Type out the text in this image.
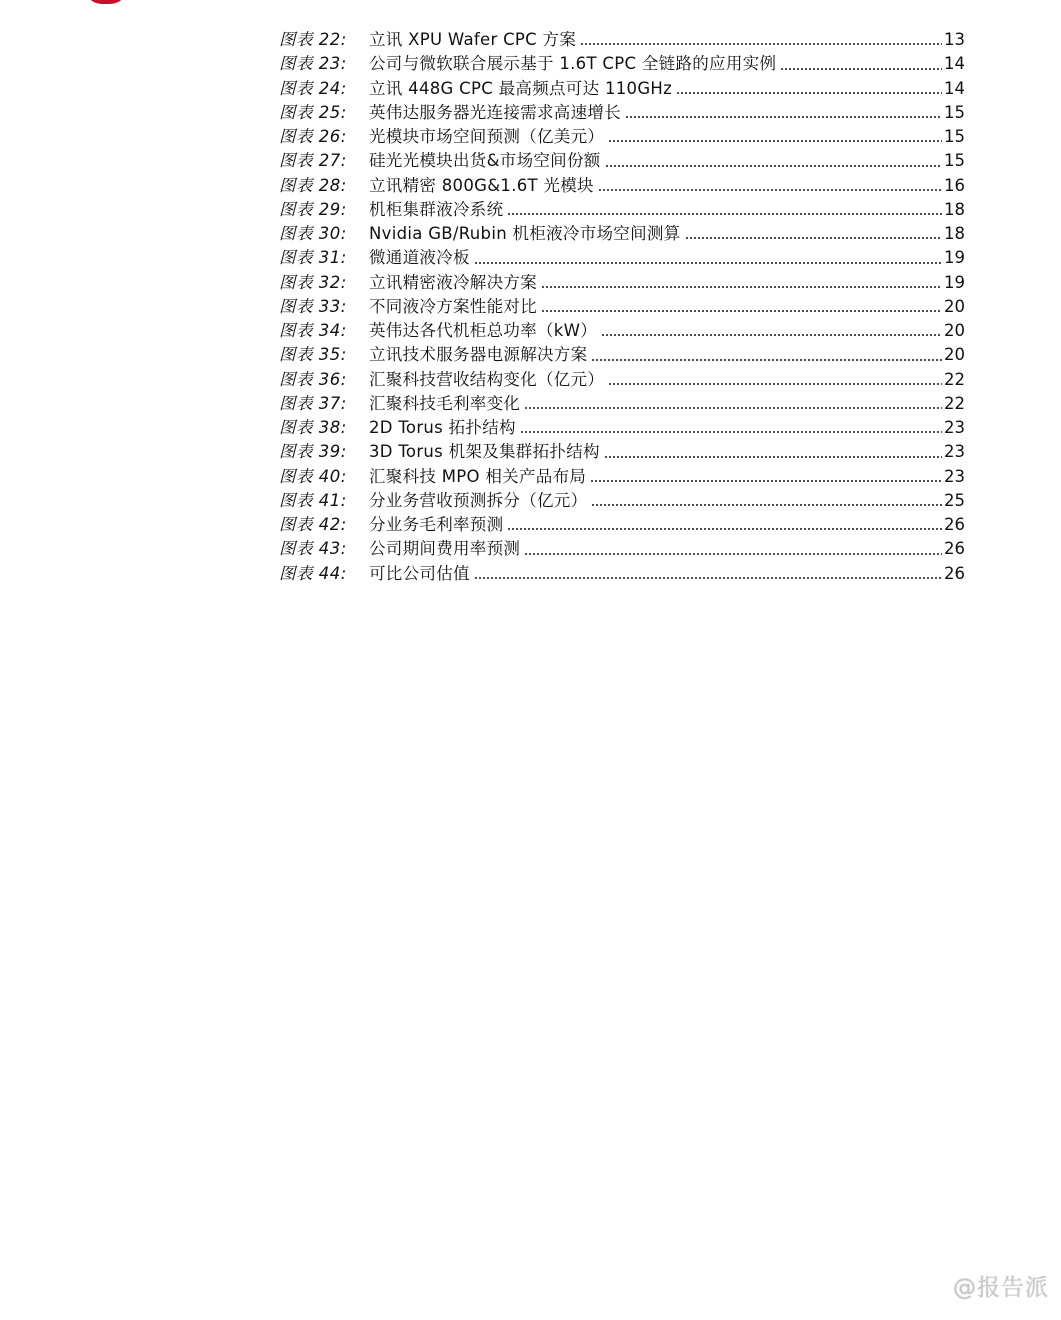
图表 22:	立讯 XPU Wafer CPC 方案	13
图表 23:	公司与微软联合展示基于 1.6T CPC 全链路的应用实例	14
图表 24:	立讯 448G CPC 最高频点可达 110GHz	14
图表 25:	英伟达服务器光连接需求高速增长	15
图表 26:	光模块市场空间预测（亿美元）	15
图表 27:	硅光光模块出货&市场空间份额	15
图表 28:	立讯精密 800G&1.6T 光模块	16
图表 29:	机柜集群液冷系统	18
图表 30:	Nvidia GB/Rubin 机柜液冷市场空间测算	18
图表 31:	微通道液冷板	19
图表 32:	立讯精密液冷解决方案	19
图表 33:	不同液冷方案性能对比	20
图表 34:	英伟达各代机柜总功率（kW）	20
图表 35:	立讯技术服务器电源解决方案	20
图表 36:	汇聚科技营收结构变化（亿元）	22
图表 37:	汇聚科技毛利率变化	22
图表 38:	2D Torus 拓扑结构	23
图表 39:	3D Torus 机架及集群拓扑结构	23
图表 40:	汇聚科技 MPO 相关产品布局	23
图表 41:	分业务营收预测拆分（亿元）	25
图表 42:	分业务毛利率预测	26
图表 43:	公司期间费用率预测	26
图表 44:	可比公司估值	26
@报告派
